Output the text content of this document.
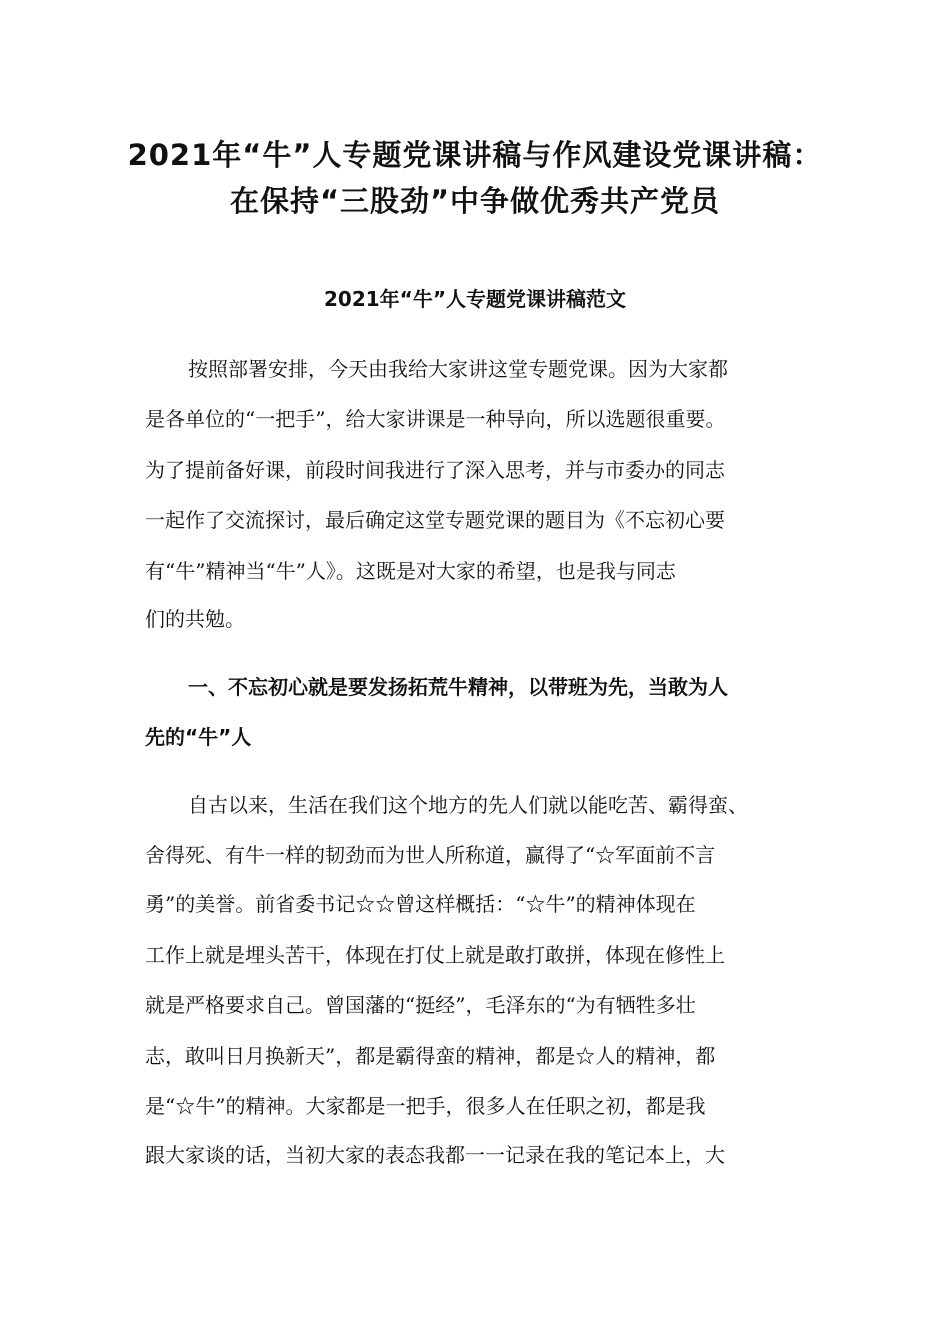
2021年“牛”人专题党课讲稿与作风建设党课讲稿：
在保持“三股劲”中争做优秀共产党员
2021年“牛”人专题党课讲稿范文
按照部署安排，今天由我给大家讲这堂专题党课。因为大家都
是各单位的“一把手”，给大家讲课是一种导向，所以选题很重要。
为了提前备好课，前段时间我进行了深入思考，并与市委办的同志
一起作了交流探讨，最后确定这堂专题党课的题目为《不忘初心要
有“牛”精神当“牛”人》。这既是对大家的希望，也是我与同志
们的共勉。
一、不忘初心就是要发扬拓荒牛精神，以带班为先，当敢为人
先的“牛”人
自古以来，生活在我们这个地方的先人们就以能吃苦、霸得蛮、
舍得死、有牛一样的韧劲而为世人所称道，赢得了“☆军面前不言
勇”的美誉。前省委书记☆☆曾这样概括：“☆牛”的精神体现在
工作上就是埋头苦干，体现在打仗上就是敢打敢拼，体现在修性上
就是严格要求自己。曾国藩的“挺经”，毛泽东的“为有牺牲多壮
志，敢叫日月换新天”，都是霸得蛮的精神，都是☆人的精神，都
是“☆牛”的精神。大家都是一把手，很多人在任职之初，都是我
跟大家谈的话，当初大家的表态我都一一记录在我的笔记本上，大
